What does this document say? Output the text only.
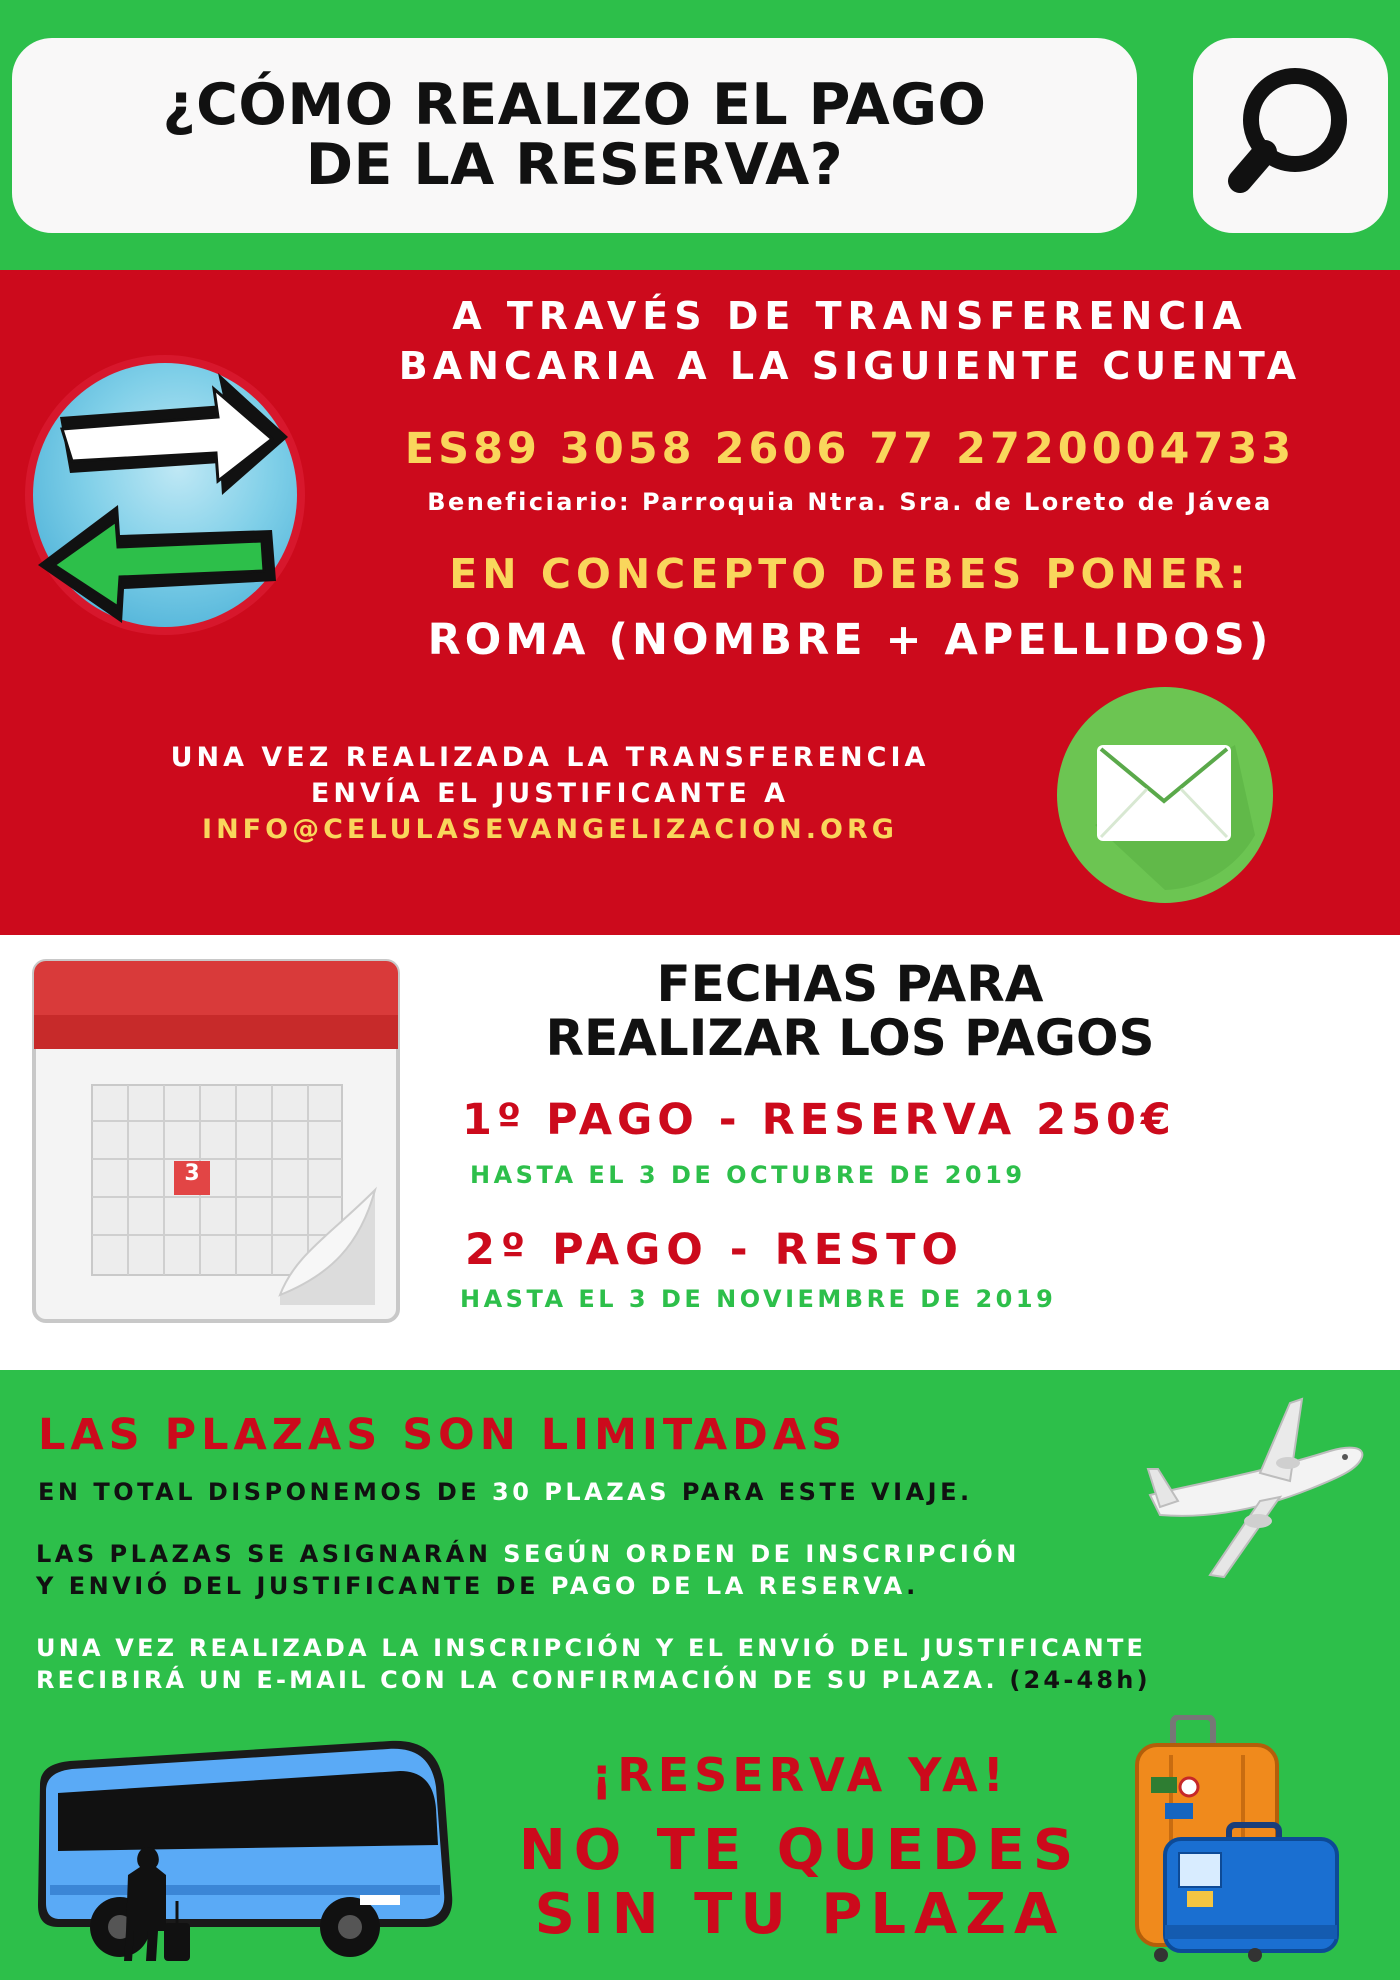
¿CÓMO REALIZO EL PAGO
DE LA RESERVA?
A TRAVÉS DE TRANSFERENCIA
BANCARIA A LA SIGUIENTE CUENTA
ES89 3058 2606 77 2720004733
Beneficiario: Parroquia Ntra. Sra. de Loreto de Jávea
EN CONCEPTO DEBES PONER:
ROMA (NOMBRE + APELLIDOS)
UNA VEZ REALIZADA LA TRANSFERENCIA
ENVÍA EL JUSTIFICANTE A
INFO@CELULASEVANGELIZACION.ORG
3
FECHAS PARA
REALIZAR LOS PAGOS
1º PAGO - RESERVA 250€
HASTA EL 3 DE OCTUBRE DE 2019
2º PAGO - RESTO
HASTA EL 3 DE NOVIEMBRE DE 2019
LAS PLAZAS SON LIMITADAS
EN TOTAL DISPONEMOS DE 30 PLAZAS PARA ESTE VIAJE.
LAS PLAZAS SE ASIGNARÁN SEGÚN ORDEN DE INSCRIPCIÓN
Y ENVIÓ DEL JUSTIFICANTE DE PAGO DE LA RESERVA.
UNA VEZ REALIZADA LA INSCRIPCIÓN Y EL ENVIÓ DEL JUSTIFICANTE
RECIBIRÁ UN E-MAIL CON LA CONFIRMACIÓN DE SU PLAZA. (24-48h)
¡RESERVA YA!
NO TE QUEDES
SIN TU PLAZA
